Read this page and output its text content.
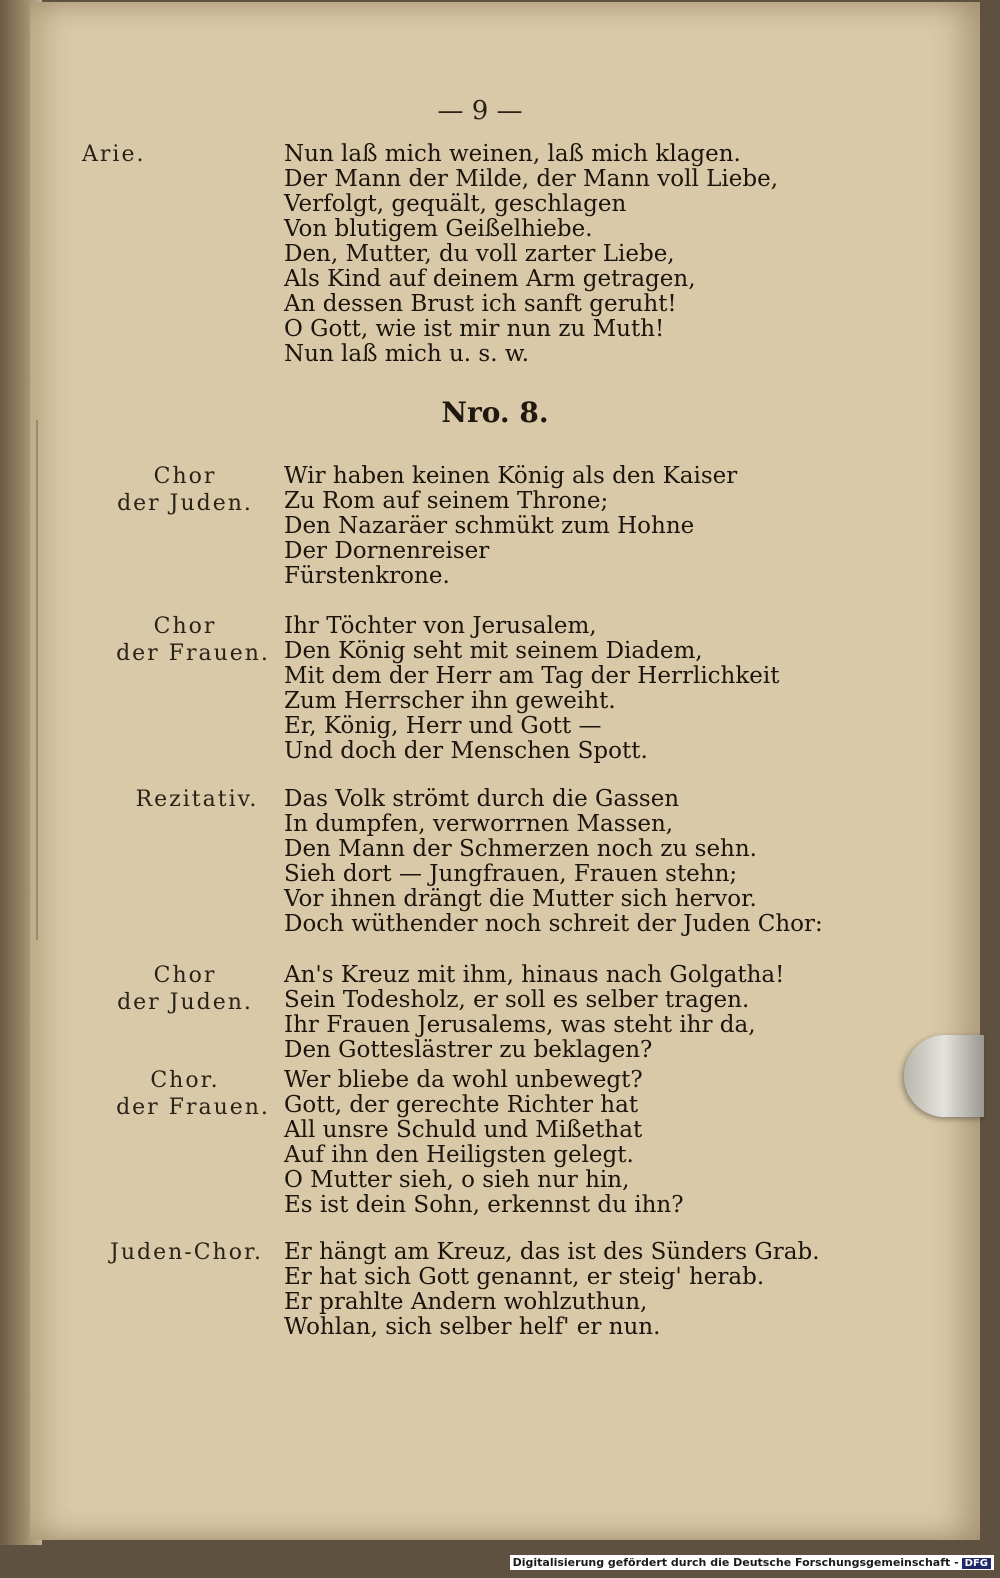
— 9 —
Arie.	Nun laß mich weinen, laß mich klagen.
Der Mann der Milde, der Mann voll Liebe,
Verfolgt, gequält, geschlagen
Von blutigem Geißelhiebe.
Den, Mutter, du voll zarter Liebe,
Als Kind auf deinem Arm getragen,
An dessen Brust ich sanft geruht!
O Gott, wie ist mir nun zu Muth!
Nun laß mich u. s. w.
Nro. 8.
Chor
der Juden.
Wir haben keinen König als den Kaiser
Zu Rom auf seinem Throne;
Den Nazaräer schmükt zum Hohne
Der Dornenreiser
Fürstenkrone.
Chor
der Frauen.
Ihr Töchter von Jerusalem,
Den König seht mit seinem Diadem,
Mit dem der Herr am Tag der Herrlichkeit
Zum Herrscher ihn geweiht.
Er, König, Herr und Gott —
Und doch der Menschen Spott.
Rezitativ.	Das Volk strömt durch die Gassen
In dumpfen, verworrnen Massen,
Den Mann der Schmerzen noch zu sehn.
Sieh dort — Jungfrauen, Frauen stehn;
Vor ihnen drängt die Mutter sich hervor.
Doch wüthender noch schreit der Juden Chor:
Chor
der Juden.
An's Kreuz mit ihm, hinaus nach Golgatha!
Sein Todesholz, er soll es selber tragen.
Ihr Frauen Jerusalems, was steht ihr da,
Den Gotteslästrer zu beklagen?
Chor.
der Frauen.
Wer bliebe da wohl unbewegt?
Gott, der gerechte Richter hat
All unsre Schuld und Mißethat
Auf ihn den Heiligsten gelegt.
O Mutter sieh, o sieh nur hin,
Es ist dein Sohn, erkennst du ihn?
Juden-Chor. Er hängt am Kreuz, das ist des Sünders Grab.
Er hat sich Gott genannt, er steig' herab.
Er prahlte Andern wohlzuthun,
Wohlan, sich selber helf' er nun.
Digitalisierung gefördert durch die Deutsche Forschungsgemeinschaft - DFG
